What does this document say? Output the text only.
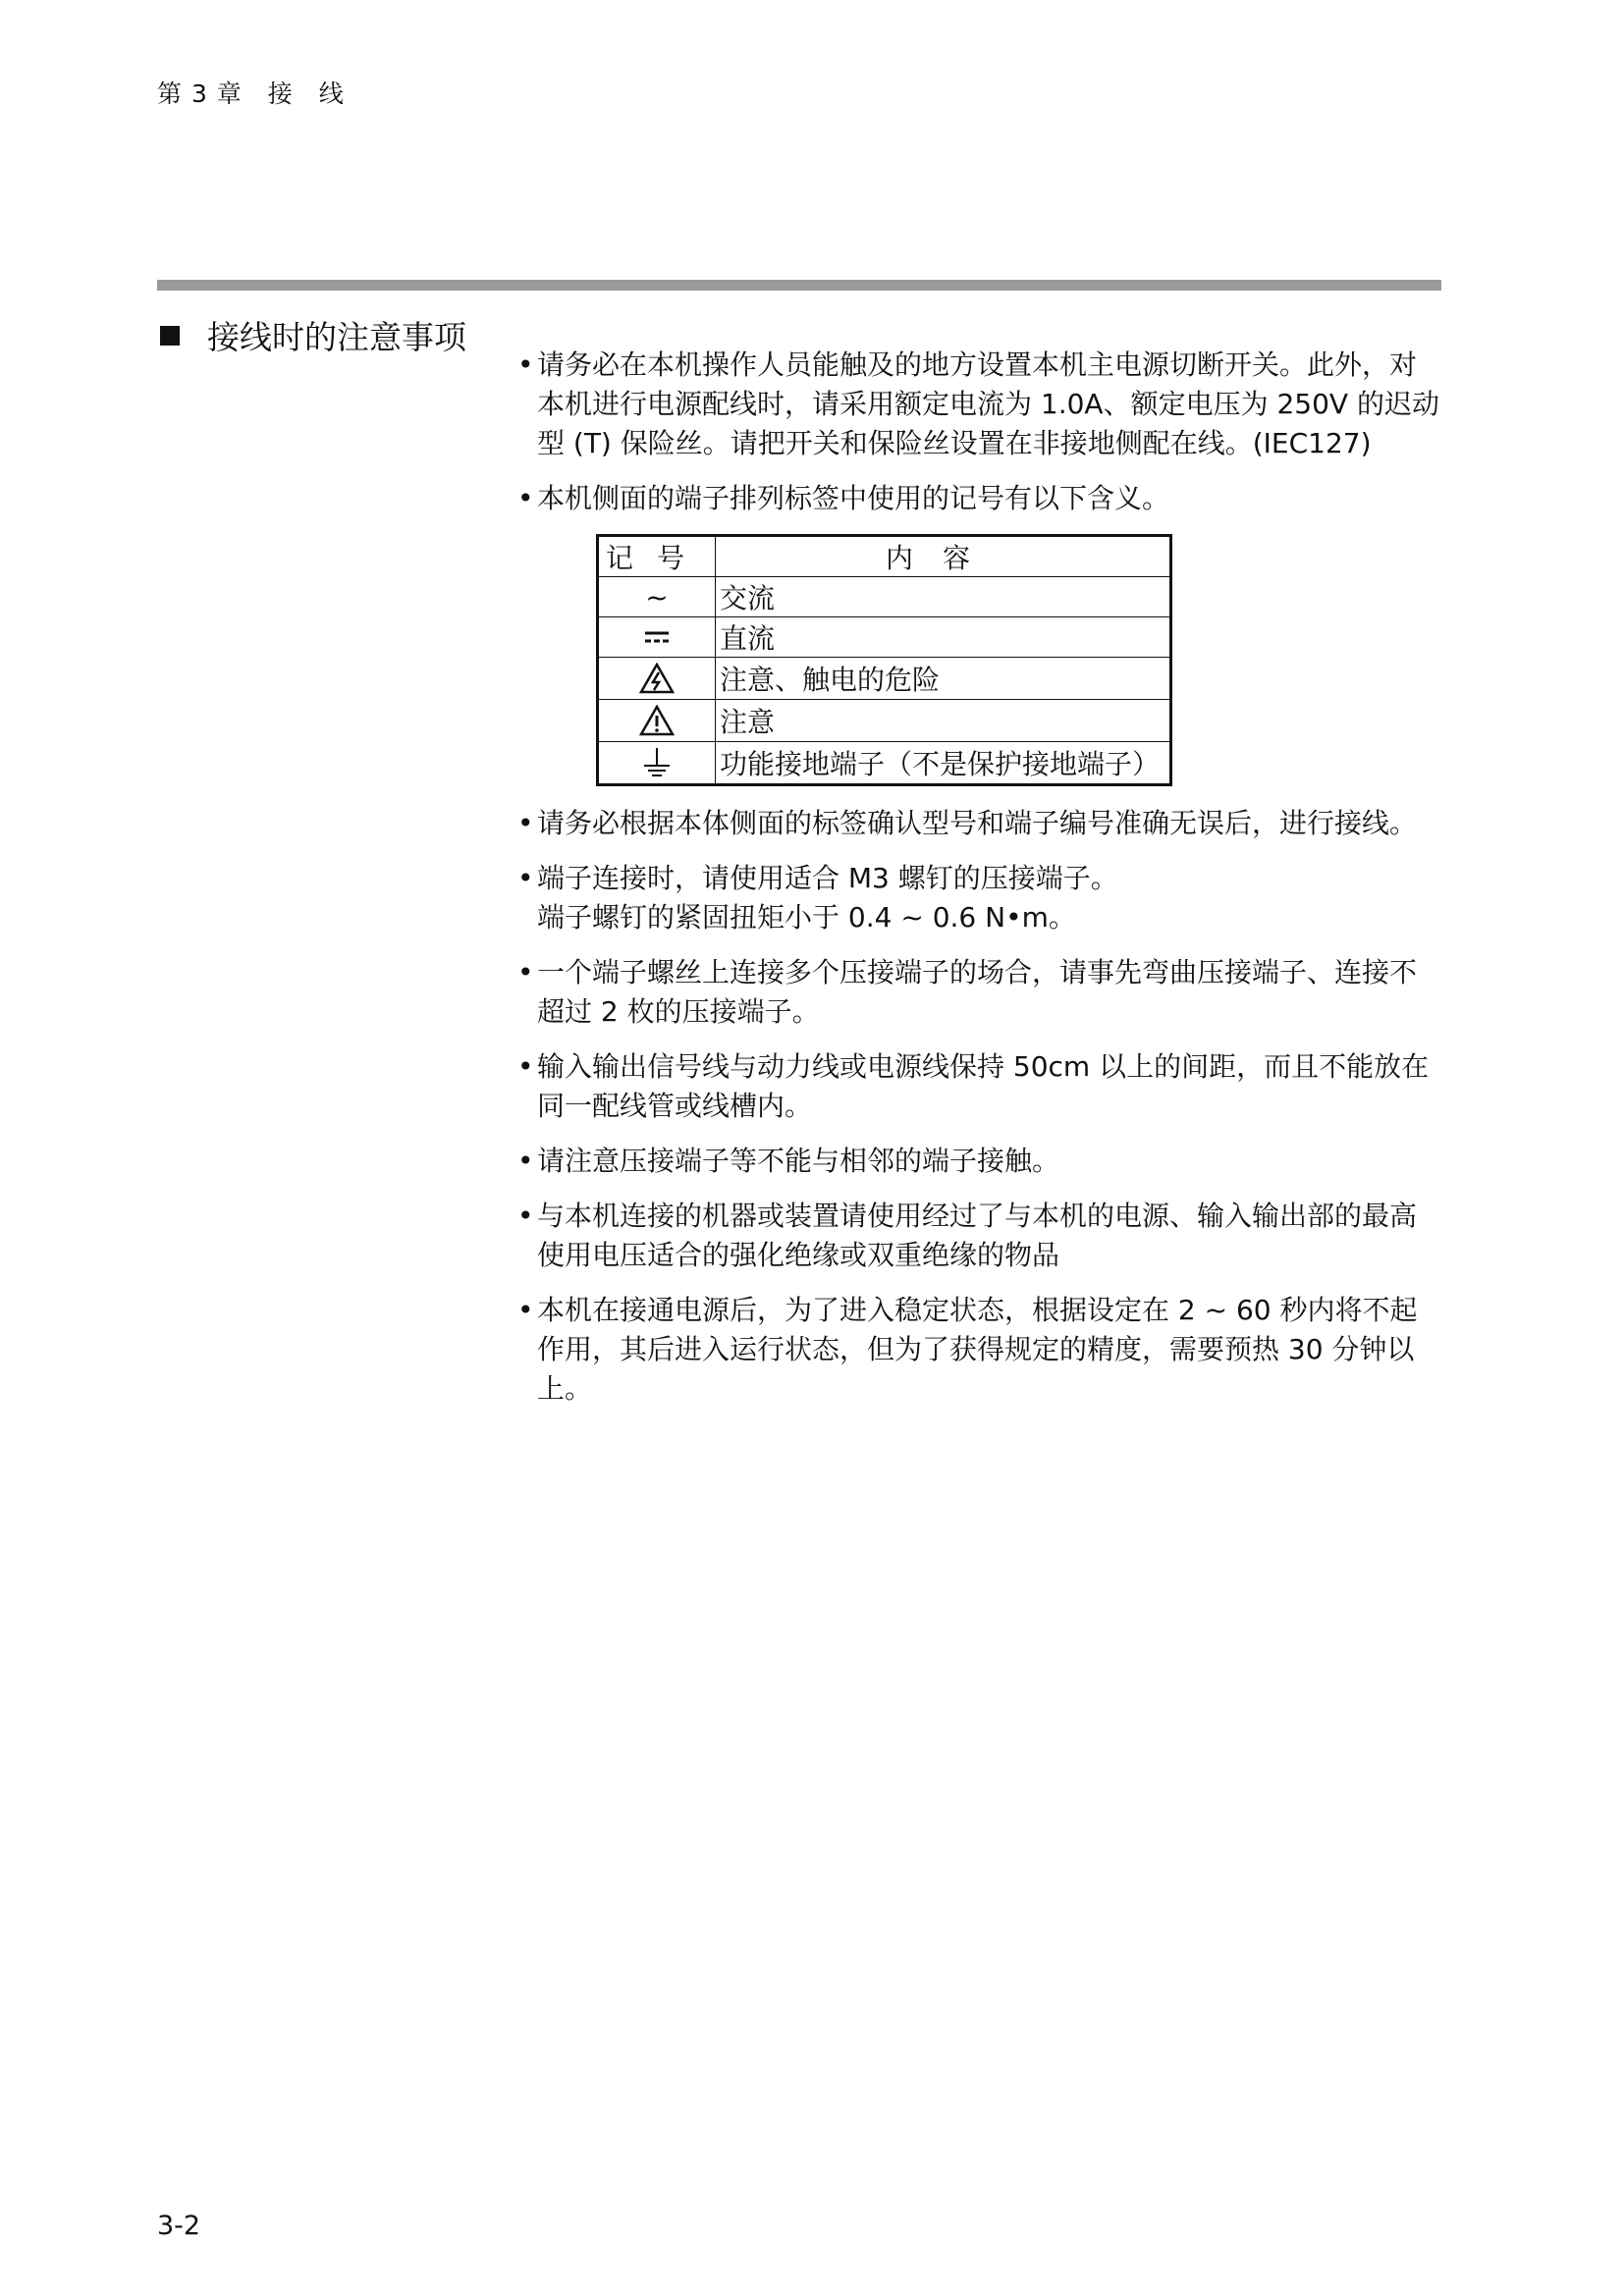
第 3 章　接　线
接线时的注意事项
• 请务必在本机操作人员能触及的地方设置本机主电源切断开关。此外，对
本机进行电源配线时，请采用额定电流为 1.0A、额定电压为 250V 的迟动
型 (T) 保险丝。请把开关和保险丝设置在非接地侧配在线。(IEC127)
• 本机侧面的端子排列标签中使用的记号有以下含义。
记号	内容
~	交流

	直流

	注意、触电的危险

	注意

	功能接地端子（不是保护接地端子）
• 请务必根据本体侧面的标签确认型号和端子编号准确无误后，进行接线。
• 端子连接时，请使用适合 M3 螺钉的压接端子。
端子螺钉的紧固扭矩小于 0.4 ~ 0.6 N•m。
• 一个端子螺丝上连接多个压接端子的场合，请事先弯曲压接端子、连接不
超过 2 枚的压接端子。
• 输入输出信号线与动力线或电源线保持 50cm 以上的间距，而且不能放在
同一配线管或线槽内。
• 请注意压接端子等不能与相邻的端子接触。
• 与本机连接的机器或装置请使用经过了与本机的电源、输入输出部的最高
使用电压适合的强化绝缘或双重绝缘的物品
• 本机在接通电源后，为了进入稳定状态，根据设定在 2 ~ 60 秒内将不起
作用，其后进入运行状态，但为了获得规定的精度，需要预热 30 分钟以上。
3-2
